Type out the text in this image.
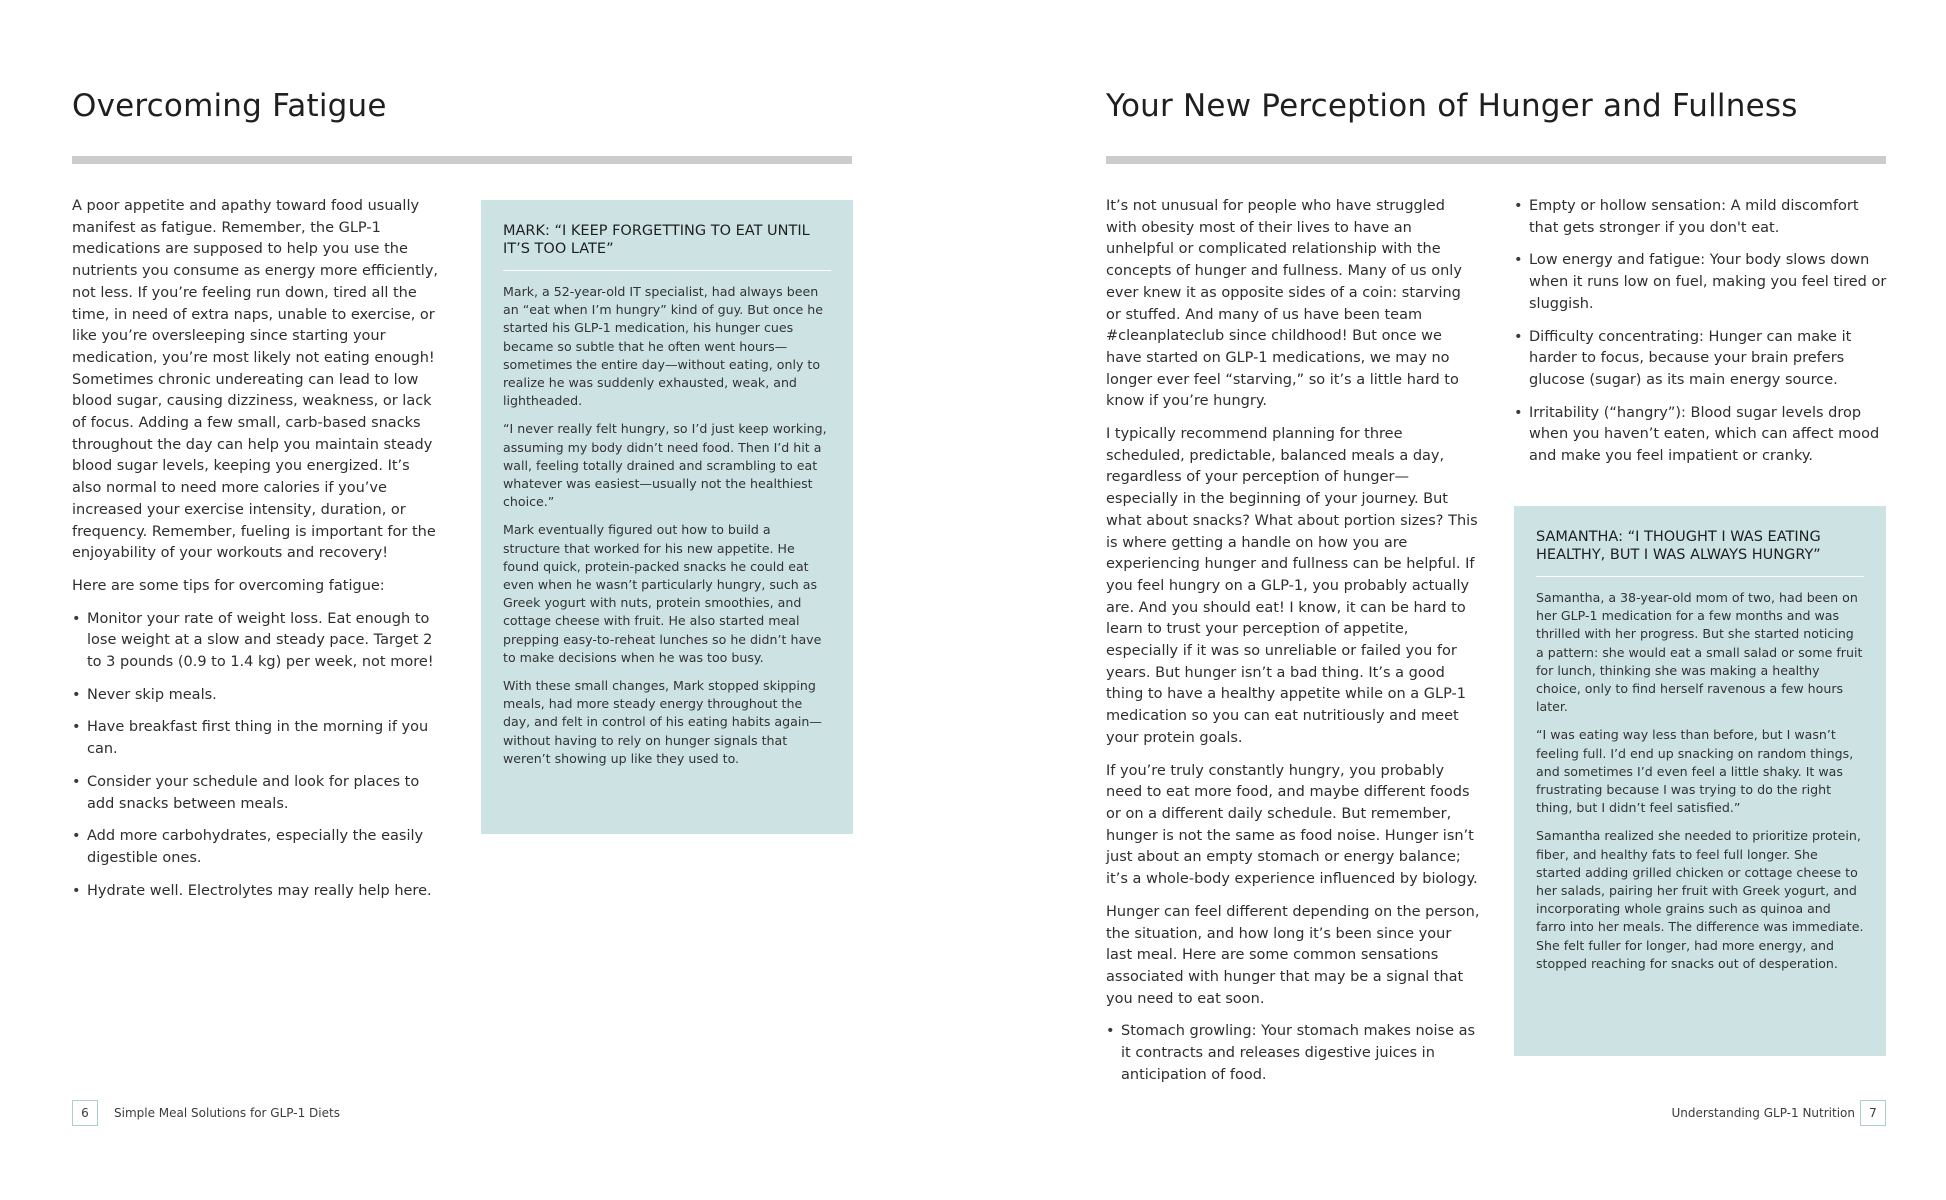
Overcoming Fatigue

A poor appetite and apathy toward food usually manifest as fatigue. Remember, the GLP-1 medications are supposed to help you use the nutrients you consume as energy more efficiently, not less. If you’re feeling run down, tired all the time, in need of extra naps, unable to exercise, or like you’re oversleeping since starting your medication, you’re most likely not eating enough! Sometimes chronic undereating can lead to low blood sugar, causing dizziness, weakness, or lack of focus. Adding a few small, carb-based snacks throughout the day can help you maintain steady blood sugar levels, keeping you energized. It’s also normal to need more calories if you’ve increased your exercise intensity, duration, or frequency. Remember, fueling is important for the enjoyability of your workouts and recovery!

Here are some tips for overcoming fatigue:

• Monitor your rate of weight loss. Eat enough to lose weight at a slow and steady pace. Target 2 to 3 pounds (0.9 to 1.4 kg) per week, not more!
• Never skip meals.
• Have breakfast first thing in the morning if you can.
• Consider your schedule and look for places to add snacks between meals.
• Add more carbohydrates, especially the easily digestible ones.
• Hydrate well. Electrolytes may really help here.
MARK: “I KEEP FORGETTING TO EAT UNTIL IT’S TOO LATE”

Mark, a 52-year-old IT specialist, had always been an “eat when I’m hungry” kind of guy. But once he started his GLP-1 medication, his hunger cues became so subtle that he often went hours—sometimes the entire day—without eating, only to realize he was suddenly exhausted, weak, and lightheaded.

“I never really felt hungry, so I’d just keep working, assuming my body didn’t need food. Then I’d hit a wall, feeling totally drained and scrambling to eat whatever was easiest—usually not the healthiest choice.”

Mark eventually figured out how to build a structure that worked for his new appetite. He found quick, protein-packed snacks he could eat even when he wasn’t particularly hungry, such as Greek yogurt with nuts, protein smoothies, and cottage cheese with fruit. He also started meal prepping easy-to-reheat lunches so he didn’t have to make decisions when he was too busy.

With these small changes, Mark stopped skipping meals, had more steady energy throughout the day, and felt in control of his eating habits again—without having to rely on hunger signals that weren’t showing up like they used to.

6	Simple Meal Solutions for GLP-1 Diets
Your New Perception of Hunger and Fullness

It’s not unusual for people who have struggled with obesity most of their lives to have an unhelpful or complicated relationship with the concepts of hunger and fullness. Many of us only ever knew it as opposite sides of a coin: starving or stuffed. And many of us have been team #cleanplateclub since childhood! But once we have started on GLP-1 medications, we may no longer ever feel “starving,” so it’s a little hard to know if you’re hungry.

I typically recommend planning for three scheduled, predictable, balanced meals a day, regardless of your perception of hunger—especially in the beginning of your journey. But what about snacks? What about portion sizes? This is where getting a handle on how you are experiencing hunger and fullness can be helpful. If you feel hungry on a GLP-1, you probably actually are. And you should eat! I know, it can be hard to learn to trust your perception of appetite, especially if it was so unreliable or failed you for years. But hunger isn’t a bad thing. It’s a good thing to have a healthy appetite while on a GLP-1 medication so you can eat nutritiously and meet your protein goals.

If you’re truly constantly hungry, you probably need to eat more food, and maybe different foods or on a different daily schedule. But remember, hunger is not the same as food noise. Hunger isn’t just about an empty stomach or energy balance; it’s a whole-body experience influenced by biology.

Hunger can feel different depending on the person, the situation, and how long it’s been since your last meal. Here are some common sensations associated with hunger that may be a signal that you need to eat soon.

• Stomach growling: Your stomach makes noise as it contracts and releases digestive juices in anticipation of food.
• Empty or hollow sensation: A mild discomfort that gets stronger if you don't eat.
• Low energy and fatigue: Your body slows down when it runs low on fuel, making you feel tired or sluggish.
• Difficulty concentrating: Hunger can make it harder to focus, because your brain prefers glucose (sugar) as its main energy source.
• Irritability (“hangry”): Blood sugar levels drop when you haven’t eaten, which can affect mood and make you feel impatient or cranky.
SAMANTHA: “I THOUGHT I WAS EATING HEALTHY, BUT I WAS ALWAYS HUNGRY”

Samantha, a 38-year-old mom of two, had been on her GLP-1 medication for a few months and was thrilled with her progress. But she started noticing a pattern: she would eat a small salad or some fruit for lunch, thinking she was making a healthy choice, only to find herself ravenous a few hours later.

“I was eating way less than before, but I wasn’t feeling full. I’d end up snacking on random things, and sometimes I’d even feel a little shaky. It was frustrating because I was trying to do the right thing, but I didn’t feel satisfied.”

Samantha realized she needed to prioritize protein, fiber, and healthy fats to feel full longer. She started adding grilled chicken or cottage cheese to her salads, pairing her fruit with Greek yogurt, and incorporating whole grains such as quinoa and farro into her meals. The difference was immediate. She felt fuller for longer, had more energy, and stopped reaching for snacks out of desperation.

Understanding GLP-1 Nutrition	7
